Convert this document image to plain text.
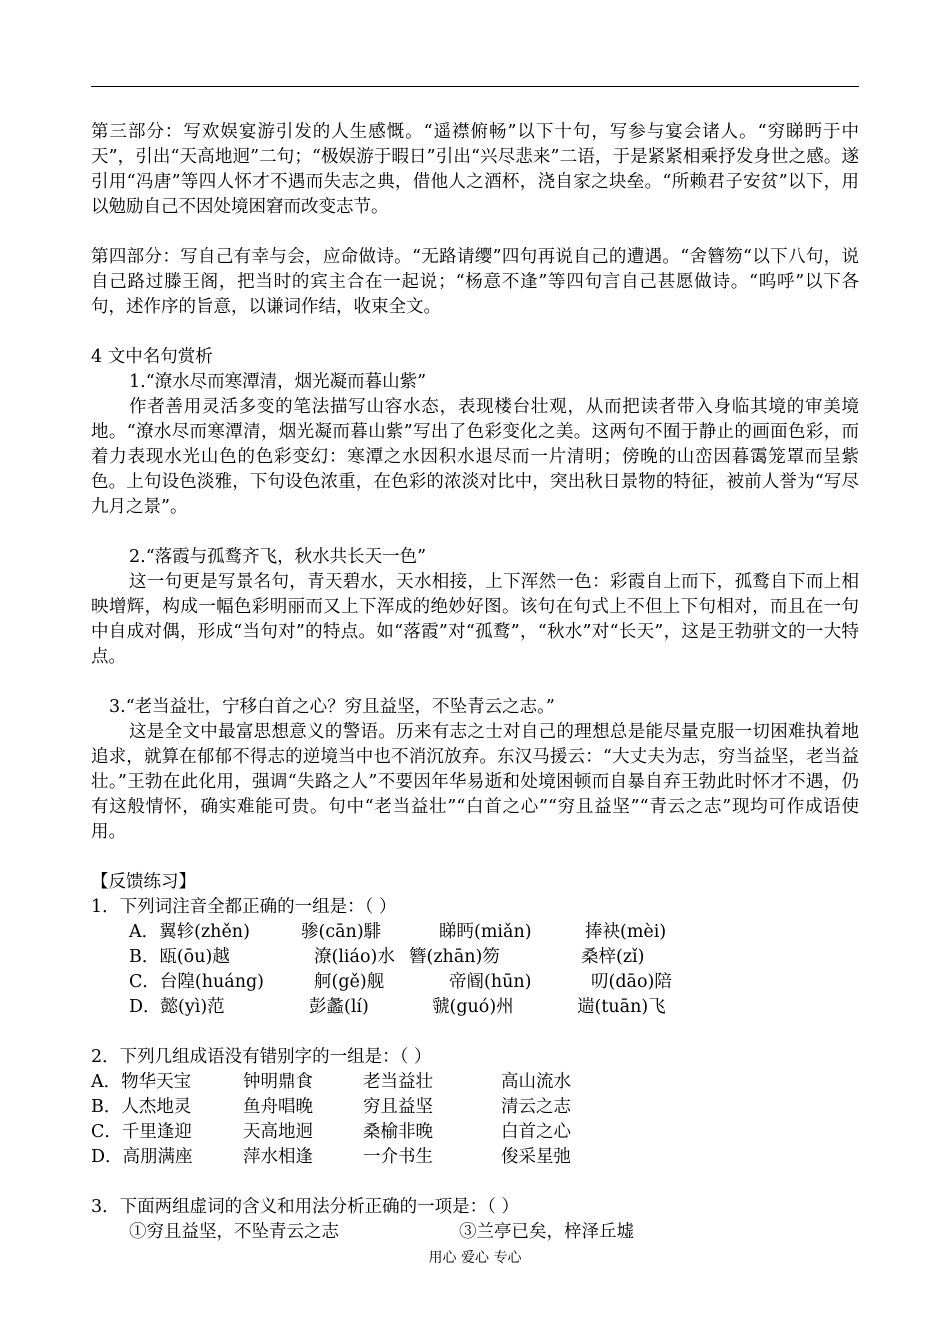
第三部分：写欢娱宴游引发的人生感慨。“遥襟俯畅”以下十句，写参与宴会诸人。“穷睇眄于中天”，引出“天高地迥”二句；“极娱游于暇日”引出“兴尽悲来”二语，于是紧紧相乘抒发身世之感。遂引用“冯唐”等四人怀才不遇而失志之典，借他人之酒杯，浇自家之块垒。“所赖君子安贫”以下，用以勉励自己不因处境困窘而改变志节。

第四部分：写自己有幸与会，应命做诗。“无路请缨”四句再说自己的遭遇。“舍簪笏“以下八句，说自己路过滕王阁，把当时的宾主合在一起说；“杨意不逢”等四句言自己甚愿做诗。“呜呼”以下各句，述作序的旨意，以谦词作结，收束全文。

4 文中名句赏析

1.“潦水尽而寒潭清，烟光凝而暮山紫”

作者善用灵活多变的笔法描写山容水态，表现楼台壮观，从而把读者带入身临其境的审美境地。“潦水尽而寒潭清，烟光凝而暮山紫”写出了色彩变化之美。这两句不囿于静止的画面色彩，而着力表现水光山色的色彩变幻：寒潭之水因积水退尽而一片清明；傍晚的山峦因暮霭笼罩而呈紫色。上句设色淡雅，下句设色浓重，在色彩的浓淡对比中，突出秋日景物的特征，被前人誉为“写尽九月之景”。

2.“落霞与孤鹜齐飞，秋水共长天一色”

这一句更是写景名句，青天碧水，天水相接，上下浑然一色：彩霞自上而下，孤鹜自下而上相映增辉，构成一幅色彩明丽而又上下浑成的绝妙好图。该句在句式上不但上下句相对，而且在一句中自成对偶，形成“当句对”的特点。如“落霞”对“孤鹜”，“秋水”对“长天”，这是王勃骈文的一大特点。

3.“老当益壮，宁移白首之心？穷且益坚，不坠青云之志。”

这是全文中最富思想意义的警语。历来有志之士对自己的理想总是能尽量克服一切困难执着地追求，就算在郁郁不得志的逆境当中也不消沉放弃。东汉马援云：“大丈夫为志，穷当益坚，老当益壮。”王勃在此化用，强调“失路之人”不要因年华易逝和处境困顿而自暴自弃王勃此时怀才不遇，仍有这般情怀，确实难能可贵。句中“老当益壮”“白首之心”“穷且益坚”“青云之志”现均可作成语使用。

【反馈练习】

1．下列词注音全都正确的一组是：（ ）

A．翼轸(zhěn)	骖(cān)騑	睇眄(miǎn)	捧袂(mèi)
B．瓯(ōu)越	潦(liáo)水 簪(zhān)笏	桑梓(zǐ)
C．台隍(huáng)	舸(gě)舰	帝阍(hūn)	叨(dāo)陪
D．懿(yì)范	彭蠡(lí)	虢(guó)州	遄(tuān)飞

2．下列几组成语没有错别字的一组是：（ ）

A．物华天宝	钟明鼎食	老当益壮	高山流水
B．人杰地灵	鱼舟唱晚	穷且益坚	清云之志
C．千里逢迎	天高地迥	桑榆非晚	白首之心
D．高朋满座	萍水相逢	一介书生	俊采星弛

3．下面两组虚词的含义和用法分析正确的一项是：（ ）

①穷且益坚，不坠青云之志	③兰亭已矣，梓泽丘墟
用心 爱心 专心
